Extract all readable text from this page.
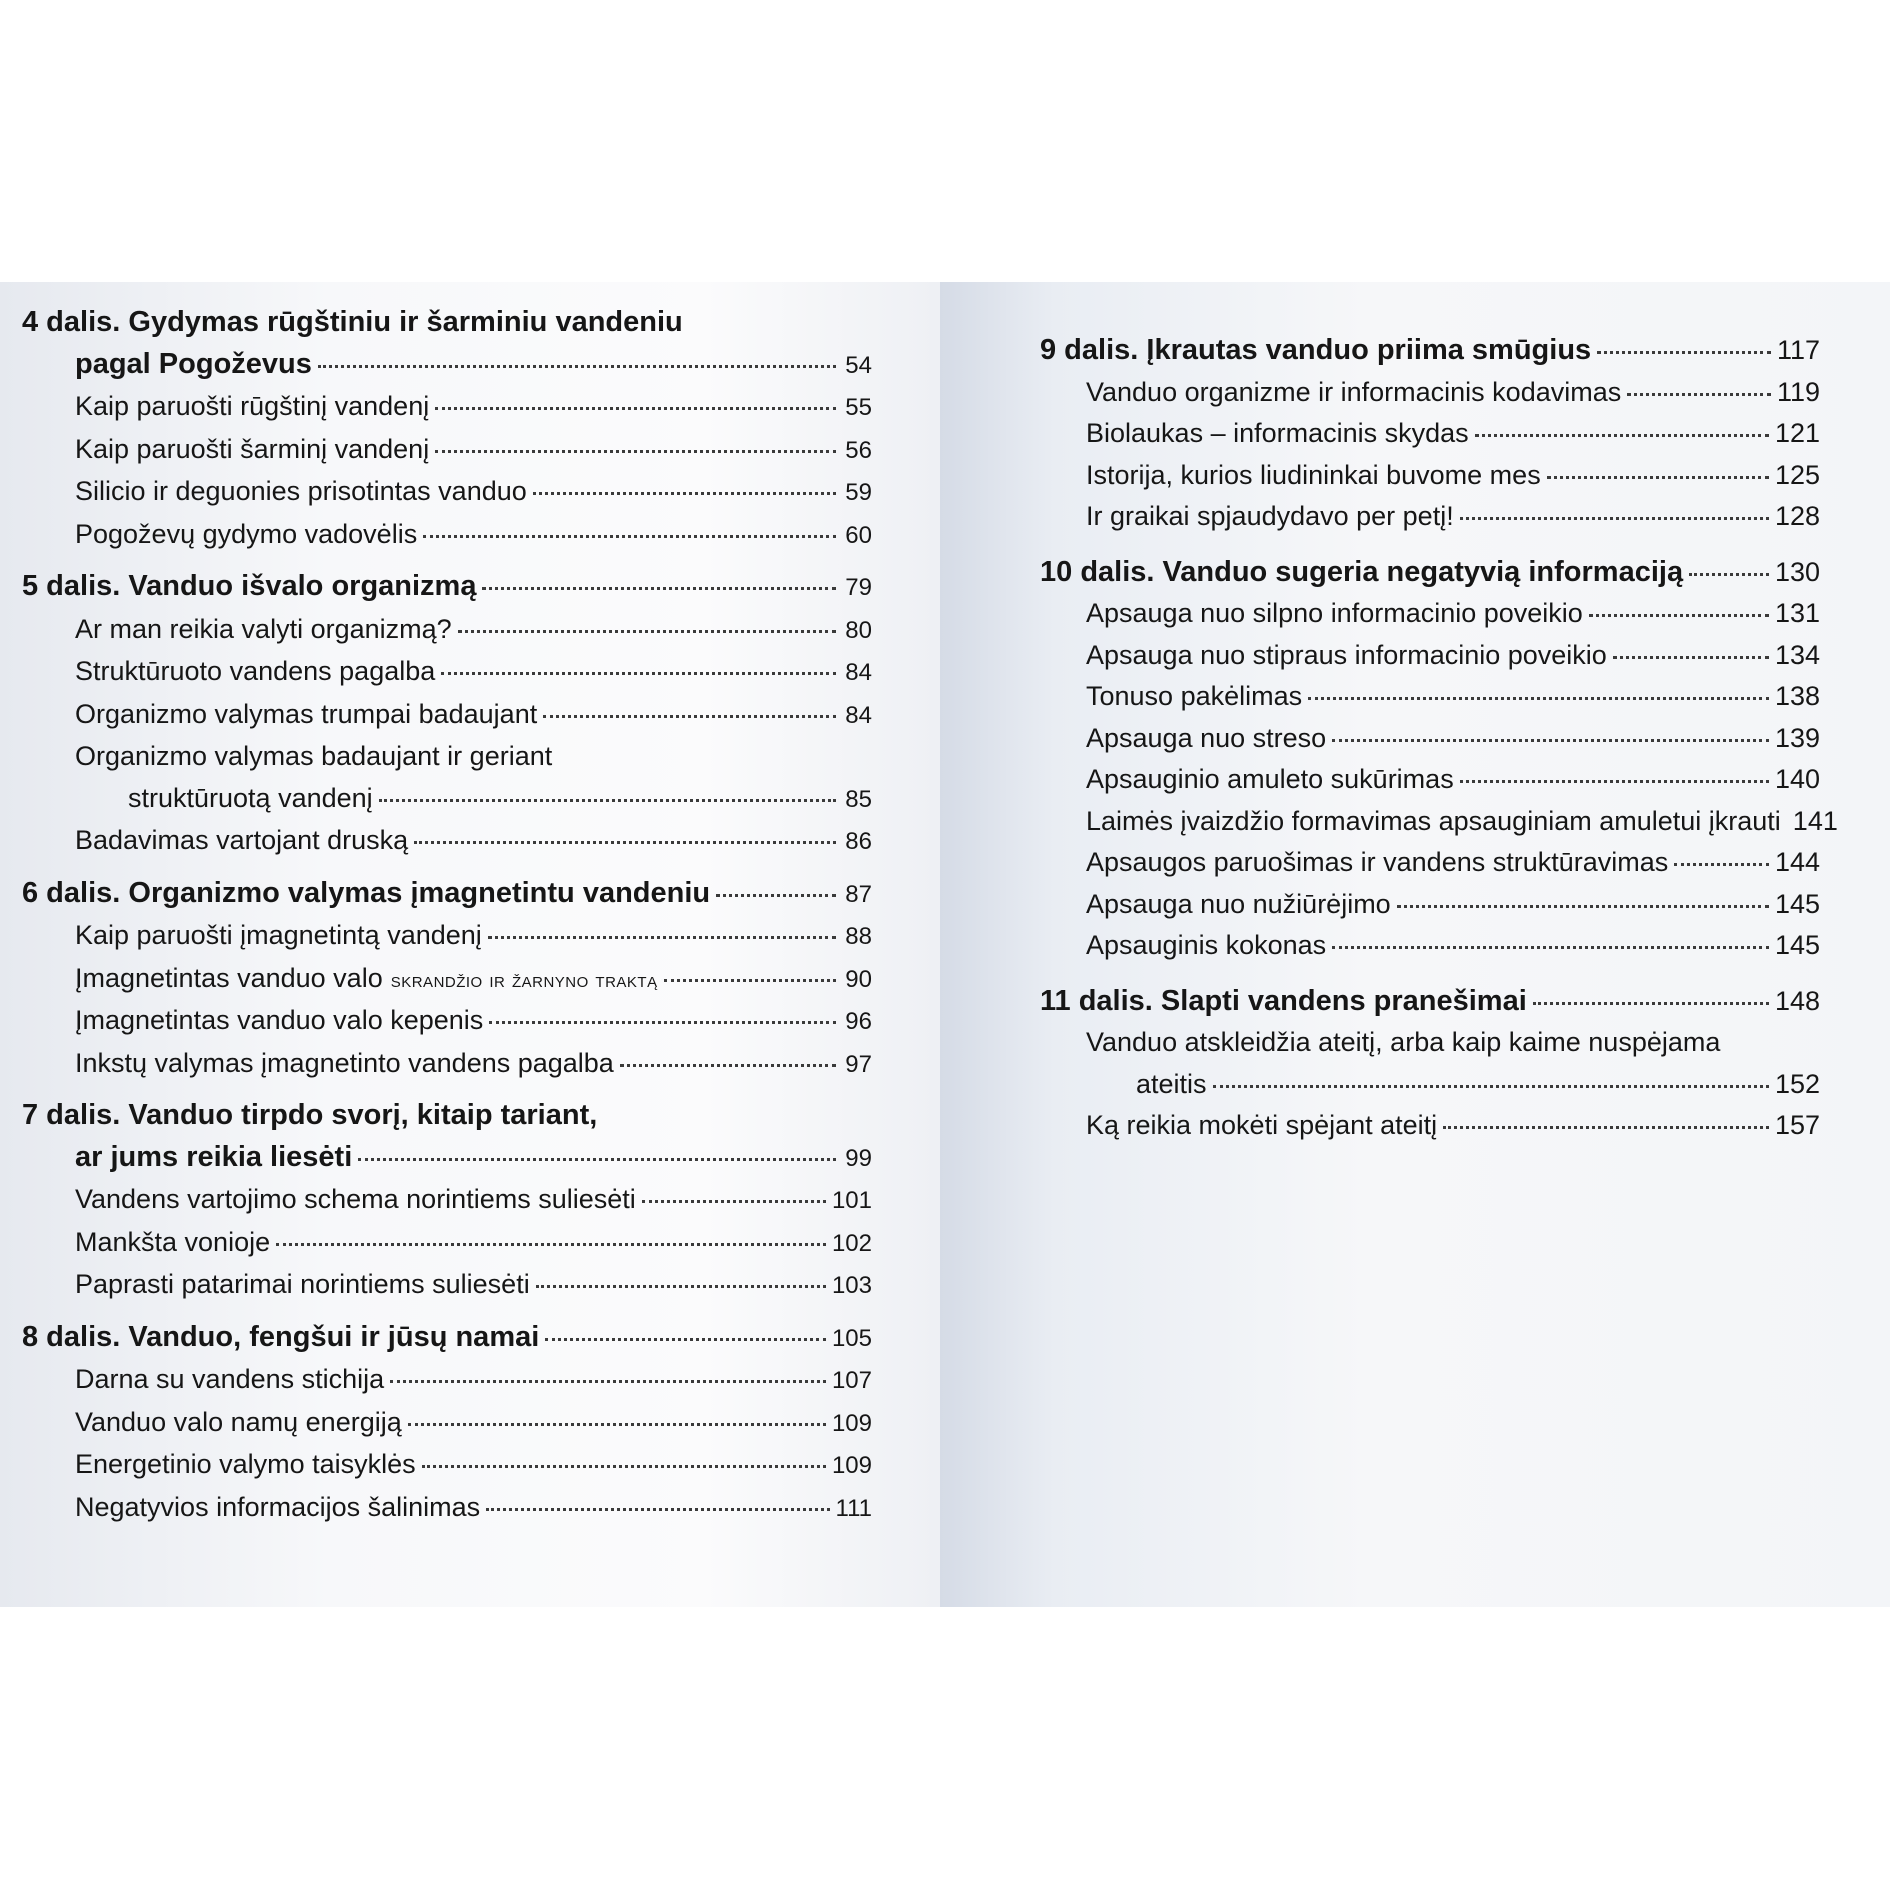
4 dalis. Gydymas rūgštiniu ir šarminiu vandeniu
pagal Pogoževus	54
Kaip paruošti rūgštinį vandenį	55
Kaip paruošti šarminį vandenį	56
Silicio ir deguonies prisotintas vanduo	59
Pogoževų gydymo vadovėlis	60
5 dalis. Vanduo išvalo organizmą	79
Ar man reikia valyti organizmą?	80
Struktūruoto vandens pagalba	84
Organizmo valymas trumpai badaujant	84
Organizmo valymas badaujant ir geriant
struktūruotą vandenį	85
Badavimas vartojant druską	86
6 dalis. Organizmo valymas įmagnetintu vandeniu	87
Kaip paruošti įmagnetintą vandenį	88
Įmagnetintas vanduo valo skrandžio ir žarnyno traktą	90
Įmagnetintas vanduo valo kepenis	96
Inkstų valymas įmagnetinto vandens pagalba	97
7 dalis. Vanduo tirpdo svorį, kitaip tariant,
ar jums reikia liesėti	99
Vandens vartojimo schema norintiems suliesėti	101
Mankšta vonioje	102
Paprasti patarimai norintiems suliesėti	103
8 dalis. Vanduo, fengšui ir jūsų namai	105
Darna su vandens stichija	107
Vanduo valo namų energiją	109
Energetinio valymo taisyklės	109
Negatyvios informacijos šalinimas	111
9 dalis. Įkrautas vanduo priima smūgius	117
Vanduo organizme ir informacinis kodavimas	119
Biolaukas – informacinis skydas	121
Istorija, kurios liudininkai buvome mes	125
Ir graikai spjaudydavo per petį!	128
10 dalis. Vanduo sugeria negatyvią informaciją	130
Apsauga nuo silpno informacinio poveikio	131
Apsauga nuo stipraus informacinio poveikio	134
Tonuso pakėlimas	138
Apsauga nuo streso	139
Apsauginio amuleto sukūrimas	140
Laimės įvaizdžio formavimas apsauginiam amuletui įkrauti 141
Apsaugos paruošimas ir vandens struktūravimas	144
Apsauga nuo nužiūrėjimo	145
Apsauginis kokonas	145
11 dalis. Slapti vandens pranešimai	148
Vanduo atskleidžia ateitį, arba kaip kaime nuspėjama
ateitis	152
Ką reikia mokėti spėjant ateitį	157
